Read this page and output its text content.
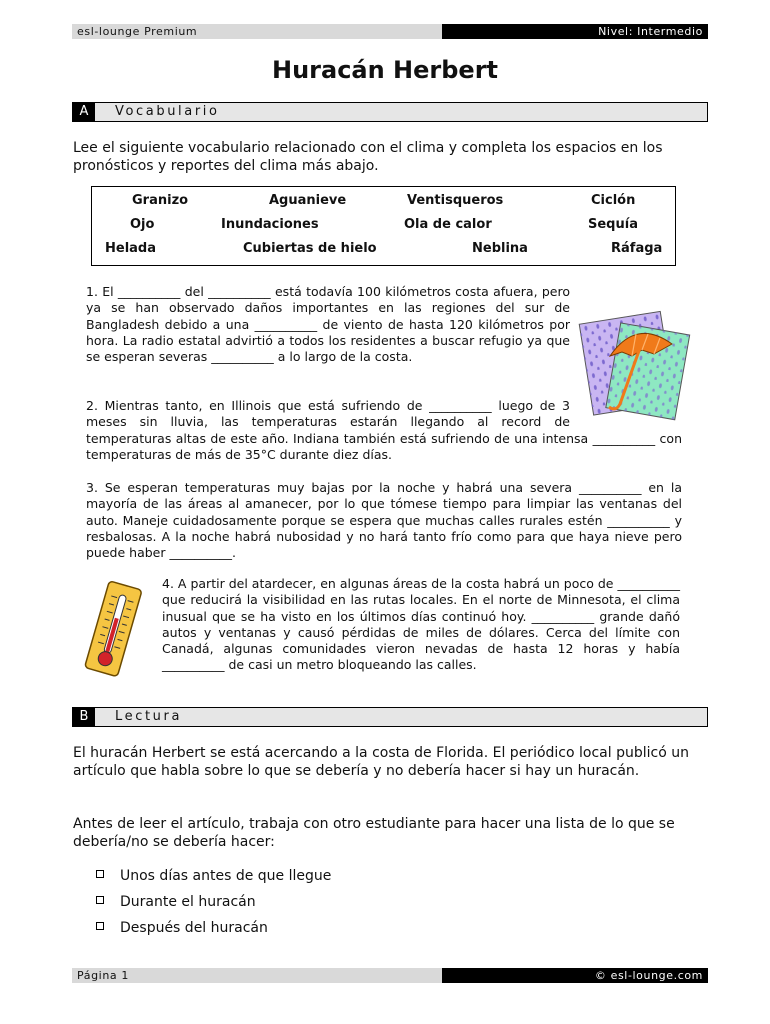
esl-lounge Premium	Nivel: Intermedio
Huracán Herbert
A	Vocabulario
Lee el siguiente vocabulario relacionado con el clima y completa los espacios en los pronósticos y reportes del clima más abajo.
Granizo	Aguanieve	Ventisqueros	Ciclón
Ojo	Inundaciones	Ola de calor	Sequía
Helada	Cubiertas de hielo	Neblina	Ráfaga
1. El __________ del __________ está todavía 100 kilómetros costa afuera, pero ya se han observado daños importantes en las regiones del sur de Bangladesh debido a una __________ de viento de hasta 120 kilómetros por hora. La radio estatal advirtió a todos los residentes a buscar refugio ya que se esperan severas __________ a lo largo de la costa.
2. Mientras tanto, en Illinois que está sufriendo de __________ luego de 3 meses sin lluvia, las temperaturas estarán llegando al record de temperaturas altas de este año. Indiana también está sufriendo de una intensa __________ con temperaturas de más de 35°C durante diez días.
3. Se esperan temperaturas muy bajas por la noche y habrá una severa __________ en la mayoría de las áreas al amanecer, por lo que tómese tiempo para limpiar las ventanas del auto. Maneje cuidadosamente porque se espera que muchas calles rurales estén __________ y resbalosas. A la noche habrá nubosidad y no hará tanto frío como para que haya nieve pero puede haber __________.
4. A partir del atardecer, en algunas áreas de la costa habrá un poco de __________ que reducirá la visibilidad en las rutas locales. En el norte de Minnesota, el clima inusual que se ha visto en los últimos días continuó hoy. __________ grande dañó autos y ventanas y causó pérdidas de miles de dólares. Cerca del límite con Canadá, algunas comunidades vieron nevadas de hasta 12 horas y había __________ de casi un metro bloqueando las calles.
B	Lectura
El huracán Herbert se está acercando a la costa de Florida. El periódico local publicó un artículo que habla sobre lo que se debería y no debería hacer si hay un huracán.
Antes de leer el artículo, trabaja con otro estudiante para hacer una lista de lo que se debería/no se debería hacer:
Unos días antes de que llegue
Durante el huracán
Después del huracán
Página 1	© esl-lounge.com
